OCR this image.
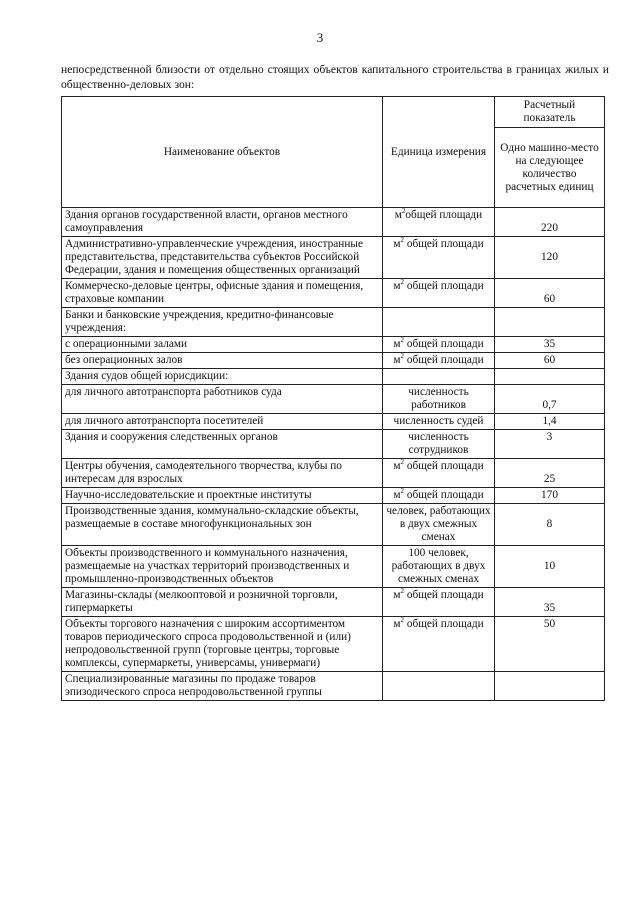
3

непосредственной близости от отдельно стоящих объектов капитального строительства в границах жилых и общественно-деловых зон:

Наименование объектов	Единица измерения	Расчетный показатель
		Одно машино-место на следующее количество расчетных единиц
Здания органов государственной власти, органов местного самоуправления	$м^2общей$ площади	220
Административно-управленческие учреждения, иностранные представительства, представительства субъектов Российской Федерации, здания и помещения общественных организаций	$м^2$ общей площади	120
Коммерческо-деловые центры, офисные здания и помещения, страховые компании	$м^2$ общей площади	60
Банки и банковские учреждения, кредитно-финансовые учреждения:		
с операционными залами	$м^2$ общей площади	35
без операционных залов	$м^2$ общей площади	60
Здания судов общей юрисдикции:		
для личного автотранспорта работников суда	численность работников	0,7
для личного автотранспорта посетителей	численность судей	1,4
Здания и сооружения следственных органов	численность сотрудников	3
Центры обучения, самодеятельного творчества, клубы по интересам для взрослых	$м^2$ общей площади	25
Научно-исследовательские и проектные институты	$м^2$ общей площади	170
Производственные здания, коммунально-складские объекты, размещаемые в составе многофункциональных зон	человек, работающих в двух смежных сменах	8
Объекты производственного и коммунального назначения, размещаемые на участках территорий производственных и промышленно-производственных объектов	100 человек, работающих в двух смежных сменах	10
Магазины-склады (мелкооптовой и розничной торговли, гипермаркеты	$м^2$ общей площади	35
Объекты торгового назначения с широким ассортиментом товаров периодического спроса продовольственной и (или) непродовольственной групп (торговые центры, торговые комплексы, супермаркеты, универсамы, универмаги)	$м^2$ общей площади	50
Специализированные магазины по продаже товаров эпизодического спроса непродовольственной группы		
